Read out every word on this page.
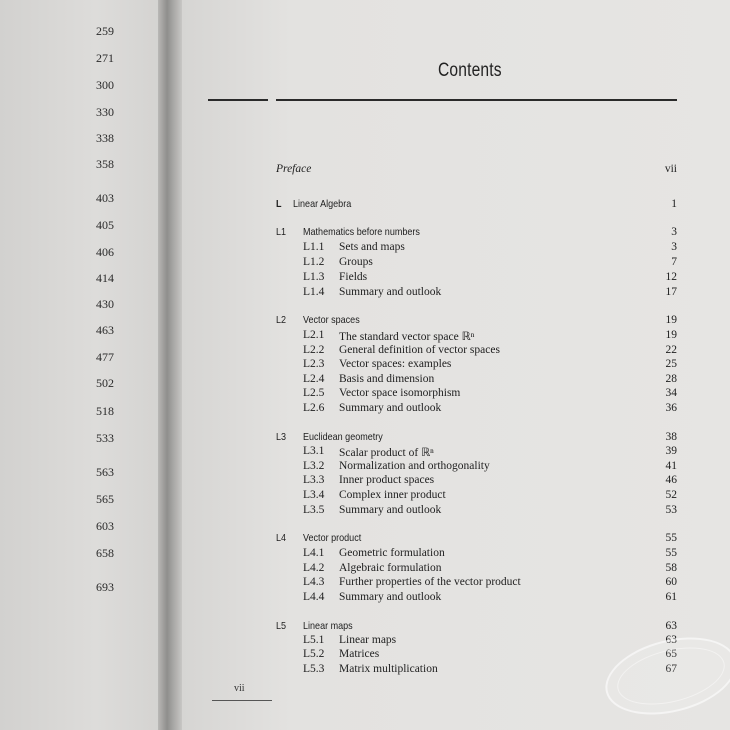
259
271
300
330
338
358
403
405
406
414
430
463
477
502
518
533
563
565
603
658
693
Contents
Preface	vii
L Linear Algebra	1
L1 Mathematics before numbers	3
L1.1 Sets and maps	3
L1.2 Groups	7
L1.3 Fields	12
L1.4 Summary and outlook	17
L2 Vector spaces	19
L2.1 The standard vector space ℝⁿ	19
L2.2 General definition of vector spaces	22
L2.3 Vector spaces: examples	25
L2.4 Basis and dimension	28
L2.5 Vector space isomorphism	34
L2.6 Summary and outlook	36
L3 Euclidean geometry	38
L3.1 Scalar product of ℝⁿ	39
L3.2 Normalization and orthogonality	41
L3.3 Inner product spaces	46
L3.4 Complex inner product	52
L3.5 Summary and outlook	53
L4 Vector product	55
L4.1 Geometric formulation	55
L4.2 Algebraic formulation	58
L4.3 Further properties of the vector product	60
L4.4 Summary and outlook	61
L5 Linear maps	63
L5.1 Linear maps	63
L5.2 Matrices	65
L5.3 Matrix multiplication	67
vii
